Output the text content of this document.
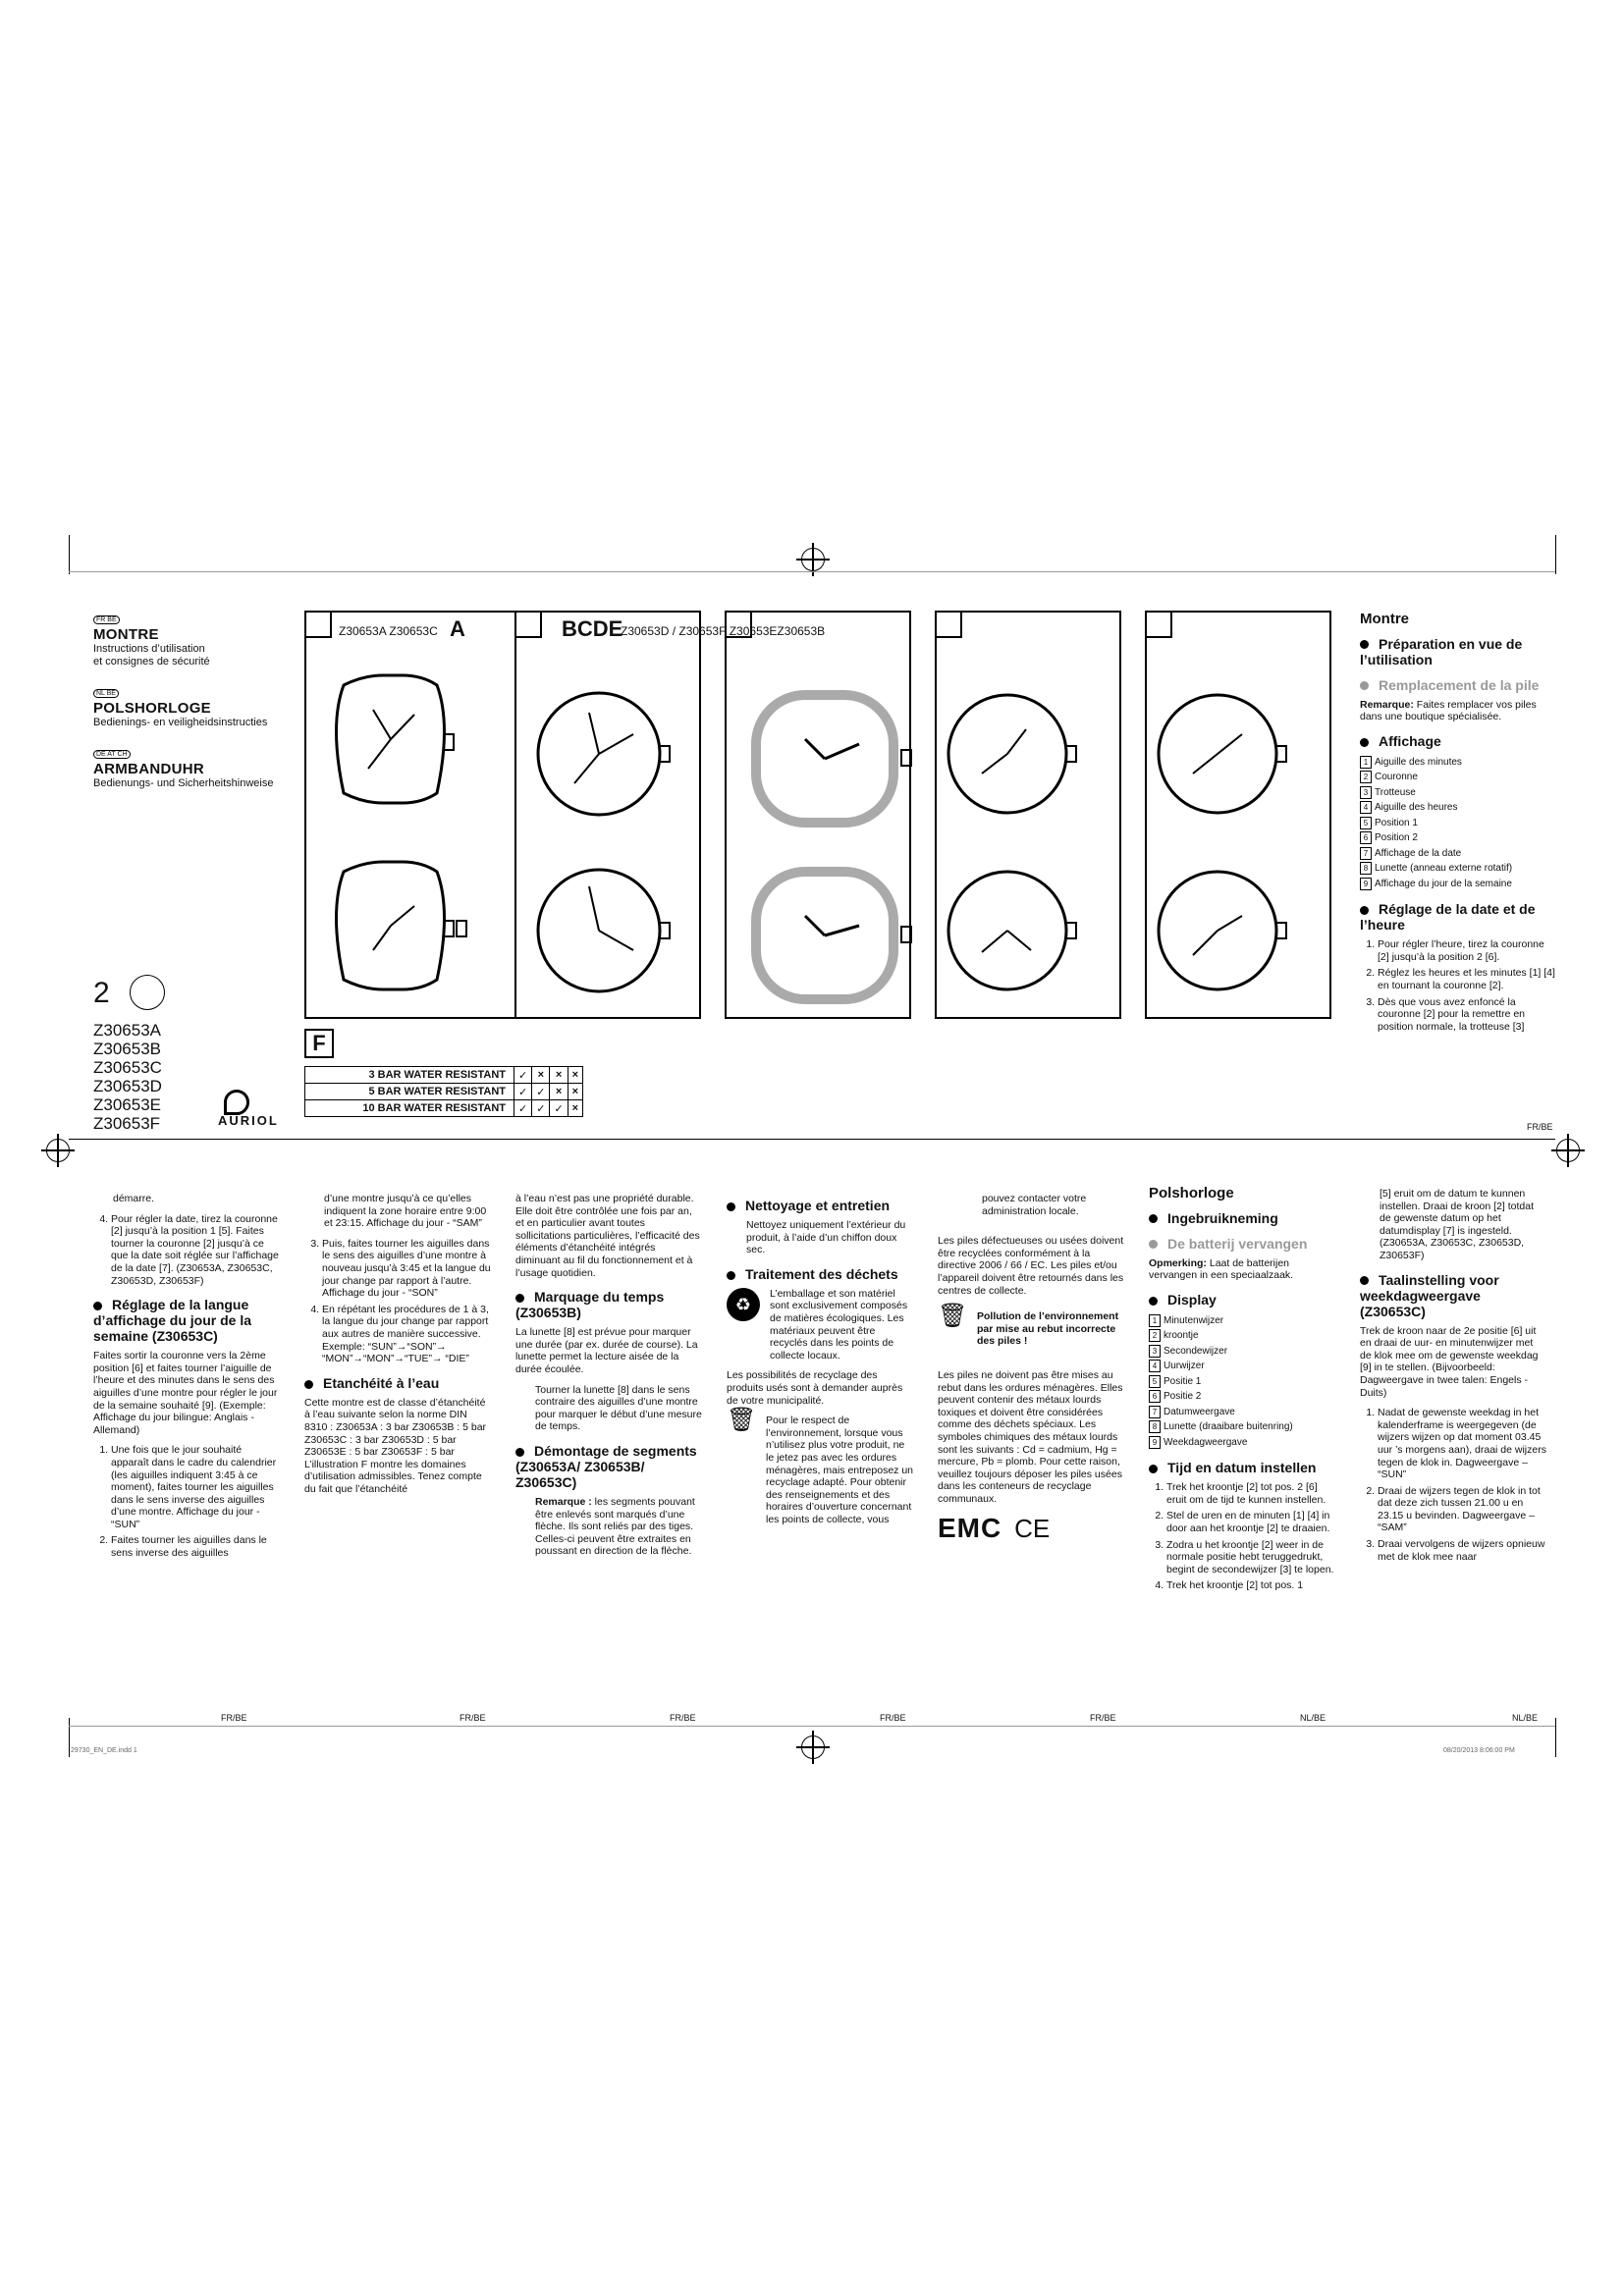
FR BE
MONTRE
Instructions d’utilisation
et consignes de sécurité
NL BE
POLSHORLOGE
Bedienings- en veiligheidsinstructies
DE AT CH
ARMBANDUHR
Bedienungs- und Sicherheitshinweise
2
Z30653A
Z30653B
Z30653C
Z30653D
Z30653E
Z30653F	AURIOL
Z30653A Z30653C A	BCDE
Z30653D / Z30653F Z30653EZ30653B
F
3 BAR WATER RESISTANT	✓	×	×	×
5 BAR WATER RESISTANT	✓	✓	×	×
10 BAR WATER RESISTANT	✓	✓	✓	×
Montre
Préparation en vue de l’utilisation
Remplacement de la pile

Remarque: Faites remplacer vos piles dans une boutique spécialisée.

Affichage
1 Aiguille des minutes
2 Couronne
3 Trotteuse
4 Aiguille des heures
5 Position 1
6 Position 2
7 Affichage de la date
8 Lunette (anneau externe rotatif)
9 Affichage du jour de la semaine
Réglage de la date et de l’heure
1. Pour régler l’heure, tirez la couronne [2] jusqu’à la position 2 [6].
2. Réglez les heures et les minutes [1] [4] en tournant la couronne [2].
3. Dès que vous avez enfoncé la couronne [2] pour la remettre en position normale, la trotteuse [3]
FR/BE

démarre.

4. Pour régler la date, tirez la couronne [2] jusqu’à la position 1 [5]. Faites tourner la couronne [2] jusqu’à ce que la date soit réglée sur l’affichage de la date [7]. (Z30653A, Z30653C, Z30653D, Z30653F)
Réglage de la langue d’affichage du jour de la semaine (Z30653C)

Faites sortir la couronne vers la 2ème position [6] et faites tourner l’aiguille de l’heure et des minutes dans le sens des aiguilles d’une montre pour régler le jour de la semaine souhaité [9]. (Exemple: Affichage du jour bilingue: Anglais - Allemand)

1. Une fois que le jour souhaité apparaît dans le cadre du calendrier (les aiguilles indiquent 3:45 à ce moment), faites tourner les aiguilles dans le sens inverse des aiguilles d’une montre. Affichage du jour - “SUN”
2. Faites tourner les aiguilles dans le sens inverse des aiguilles

d’une montre jusqu’à ce qu’elles indiquent la zone horaire entre 9:00 et 23:15. Affichage du jour - “SAM”

3. Puis, faites tourner les aiguilles dans le sens des aiguilles d’une montre à nouveau jusqu’à 3:45 et la langue du jour change par rapport à l’autre. Affichage du jour - “SON”
4. En répétant les procédures de 1 à 3, la langue du jour change par rapport aux autres de manière successive. Exemple: “SUN”→“SON”→ “MON”→“MON”→“TUE”→ “DIE”
Etanchéité à l’eau

Cette montre est de classe d’étanchéité à l’eau suivante selon la norme DIN 8310 : Z30653A : 3 bar Z30653B : 5 bar Z30653C : 3 bar Z30653D : 5 bar Z30653E : 5 bar Z30653F : 5 bar L’illustration F montre les domaines d’utilisation admissibles. Tenez compte du fait que l’étanchéité

à l’eau n’est pas une propriété durable. Elle doit être contrôlée une fois par an, et en particulier avant toutes sollicitations particulières, l’efficacité des éléments d’étanchéité intégrés diminuant au fil du fonctionnement et à l’usage quotidien.

Marquage du temps (Z30653B)

La lunette [8] est prévue pour marquer une durée (par ex. durée de course). La lunette permet la lecture aisée de la durée écoulée.

Tourner la lunette [8] dans le sens contraire des aiguilles d’une montre pour marquer le début d’une mesure de temps.

Démontage de segments (Z30653A/ Z30653B/ Z30653C)

Remarque : les segments pouvant être enlevés sont marqués d’une flèche. Ils sont reliés par des tiges. Celles-ci peuvent être extraites en poussant en direction de la flèche.

Nettoyage et entretien

Nettoyez uniquement l’extérieur du produit, à l’aide d’un chiffon doux sec.

Traitement des déchets
♻

L’emballage et son matériel sont exclusivement composés de matières écologiques. Les matériaux peuvent être recyclés dans les points de collecte locaux.

Les possibilités de recyclage des produits usés sont à demander auprès de votre municipalité.

🗑 Pour le respect de l’environnement, lorsque vous n’utilisez plus votre produit, ne le jetez pas avec les ordures ménagères, mais entreposez un recyclage adapté. Pour obtenir des renseignements et des horaires d’ouverture concernant les points de collecte, vous

pouvez contacter votre administration locale.

Les piles défectueuses ou usées doivent être recyclées conformément à la directive 2006 / 66 / EC. Les piles et/ou l’appareil doivent être retournés dans les centres de collecte.

🗑 Pollution de l’environnement par mise au rebut incorrecte des piles !

Les piles ne doivent pas être mises au rebut dans les ordures ménagères. Elles peuvent contenir des métaux lourds toxiques et doivent être considérées comme des déchets spéciaux. Les symboles chimiques des métaux lourds sont les suivants : Cd = cadmium, Hg = mercure, Pb = plomb. Pour cette raison, veuillez toujours déposer les piles usées dans les conteneurs de recyclage communaux.

EMC CE
Polshorloge
Ingebruikneming
De batterij vervangen

Opmerking: Laat de batterijen vervangen in een speciaalzaak.

Display
1 Minutenwijzer
2 kroontje
3 Secondewijzer
4 Uurwijzer
5 Positie 1
6 Positie 2
7 Datumweergave
8 Lunette (draaibare buitenring)
9 Weekdagweergave
Tijd en datum instellen
1. Trek het kroontje [2] tot pos. 2 [6] eruit om de tijd te kunnen instellen.
2. Stel de uren en de minuten [1] [4] in door aan het kroontje [2] te draaien.
3. Zodra u het kroontje [2] weer in de normale positie hebt teruggedrukt, begint de secondewijzer [3] te lopen.
4. Trek het kroontje [2] tot pos. 1

[5] eruit om de datum te kunnen instellen. Draai de kroon [2] totdat de gewenste datum op het datumdisplay [7] is ingesteld. (Z30653A, Z30653C, Z30653D, Z30653F)

Taalinstelling voor weekdagweergave (Z30653C)

Trek de kroon naar de 2e positie [6] uit en draai de uur- en minutenwijzer met de klok mee om de gewenste weekdag [9] in te stellen. (Bijvoorbeeld: Dagweergave in twee talen: Engels - Duits)

1. Nadat de gewenste weekdag in het kalenderframe is weergegeven (de wijzers wijzen op dat moment 03.45 uur ’s morgens aan), draai de wijzers tegen de klok in. Dagweergave – “SUN”
2. Draai de wijzers tegen de klok in tot dat deze zich tussen 21.00 u en 23.15 u bevinden. Dagweergave – “SAM”
3. Draai vervolgens de wijzers opnieuw met de klok mee naar
FR/BE	FR/BE	FR/BE	FR/BE	FR/BE	NL/BE	NL/BE
29730_EN_DE.indd 1	08/20/2013 8:06:00 PM
